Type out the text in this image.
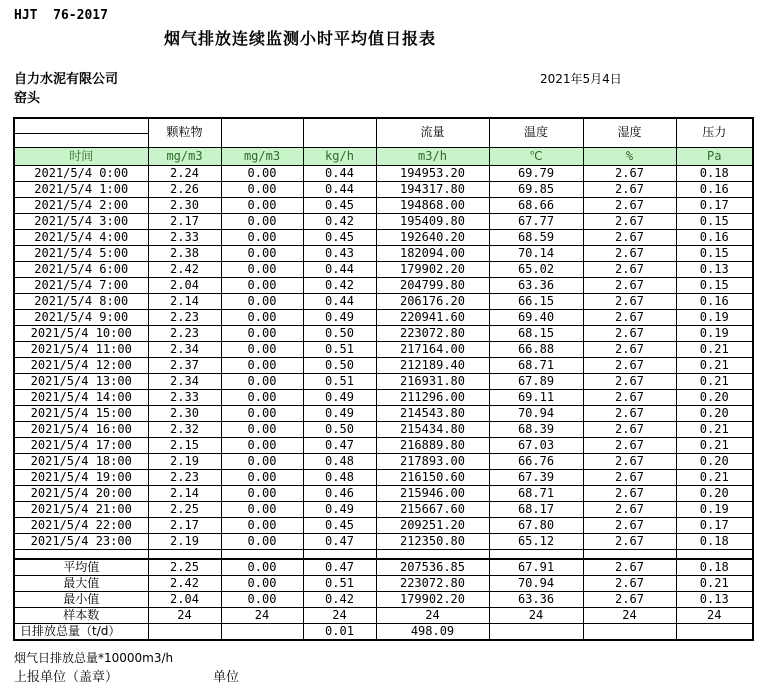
HJT  76-2017
烟气排放连续监测小时平均值日报表
自力水泥有限公司	2021年5月4日
窑头
	颗粒物			流量	温度	湿度	压力

时间	mg/m3	mg/m3	kg/h	m3/h	℃	%	Pa
2021/5/4 0:00	2.24	0.00	0.44	194953.20	69.79	2.67	0.18
2021/5/4 1:00	2.26	0.00	0.44	194317.80	69.85	2.67	0.16
2021/5/4 2:00	2.30	0.00	0.45	194868.00	68.66	2.67	0.17
2021/5/4 3:00	2.17	0.00	0.42	195409.80	67.77	2.67	0.15
2021/5/4 4:00	2.33	0.00	0.45	192640.20	68.59	2.67	0.16
2021/5/4 5:00	2.38	0.00	0.43	182094.00	70.14	2.67	0.15
2021/5/4 6:00	2.42	0.00	0.44	179902.20	65.02	2.67	0.13
2021/5/4 7:00	2.04	0.00	0.42	204799.80	63.36	2.67	0.15
2021/5/4 8:00	2.14	0.00	0.44	206176.20	66.15	2.67	0.16
2021/5/4 9:00	2.23	0.00	0.49	220941.60	69.40	2.67	0.19
2021/5/4 10:00	2.23	0.00	0.50	223072.80	68.15	2.67	0.19
2021/5/4 11:00	2.34	0.00	0.51	217164.00	66.88	2.67	0.21
2021/5/4 12:00	2.37	0.00	0.50	212189.40	68.71	2.67	0.21
2021/5/4 13:00	2.34	0.00	0.51	216931.80	67.89	2.67	0.21
2021/5/4 14:00	2.33	0.00	0.49	211296.00	69.11	2.67	0.20
2021/5/4 15:00	2.30	0.00	0.49	214543.80	70.94	2.67	0.20
2021/5/4 16:00	2.32	0.00	0.50	215434.80	68.39	2.67	0.21
2021/5/4 17:00	2.15	0.00	0.47	216889.80	67.03	2.67	0.21
2021/5/4 18:00	2.19	0.00	0.48	217893.00	66.76	2.67	0.20
2021/5/4 19:00	2.23	0.00	0.48	216150.60	67.39	2.67	0.21
2021/5/4 20:00	2.14	0.00	0.46	215946.00	68.71	2.67	0.20
2021/5/4 21:00	2.25	0.00	0.49	215667.60	68.17	2.67	0.19
2021/5/4 22:00	2.17	0.00	0.45	209251.20	67.80	2.67	0.17
2021/5/4 23:00	2.19	0.00	0.47	212350.80	65.12	2.67	0.18

平均值	2.25	0.00	0.47	207536.85	67.91	2.67	0.18
最大值	2.42	0.00	0.51	223072.80	70.94	2.67	0.21
最小值	2.04	0.00	0.42	179902.20	63.36	2.67	0.13
样本数	24	24	24	24	24	24	24
日排放总量（t/d）			0.01	498.09			
烟气日排放总量*10000m3/h
上报单位（盖章）	单位
